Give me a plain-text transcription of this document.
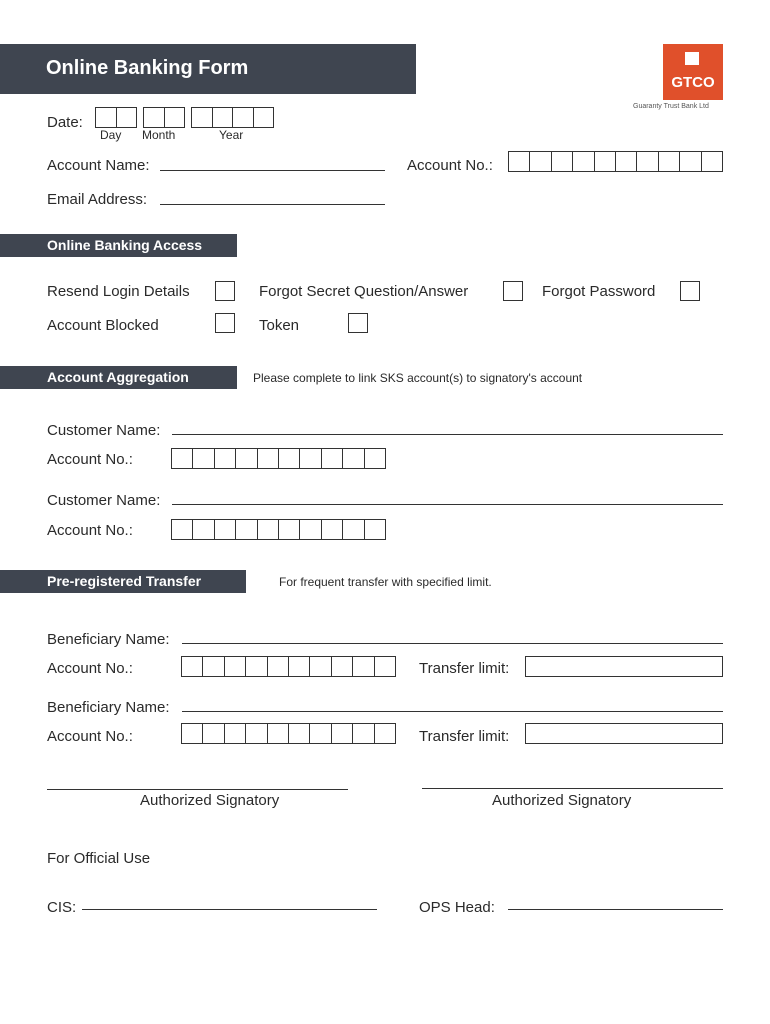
Online Banking Form
GTCO
Guaranty Trust Bank Ltd
Date:
Day Month	Year
Account Name:	Account No.:
Email Address:
Online Banking Access
Resend Login Details	Forgot Secret Question/Answer	Forgot Password
Account Blocked	Token
Account Aggregation	Please complete to link SKS account(s) to signatory's account
Customer Name:
Account No.:
Customer Name:
Account No.:
Pre-registered Transfer	For frequent transfer with specified limit.
Beneficiary Name:
Account No.:	Transfer limit:
Beneficiary Name:
Account No.:	Transfer limit:
Authorized Signatory	Authorized Signatory
For Official Use
CIS:	OPS Head:
